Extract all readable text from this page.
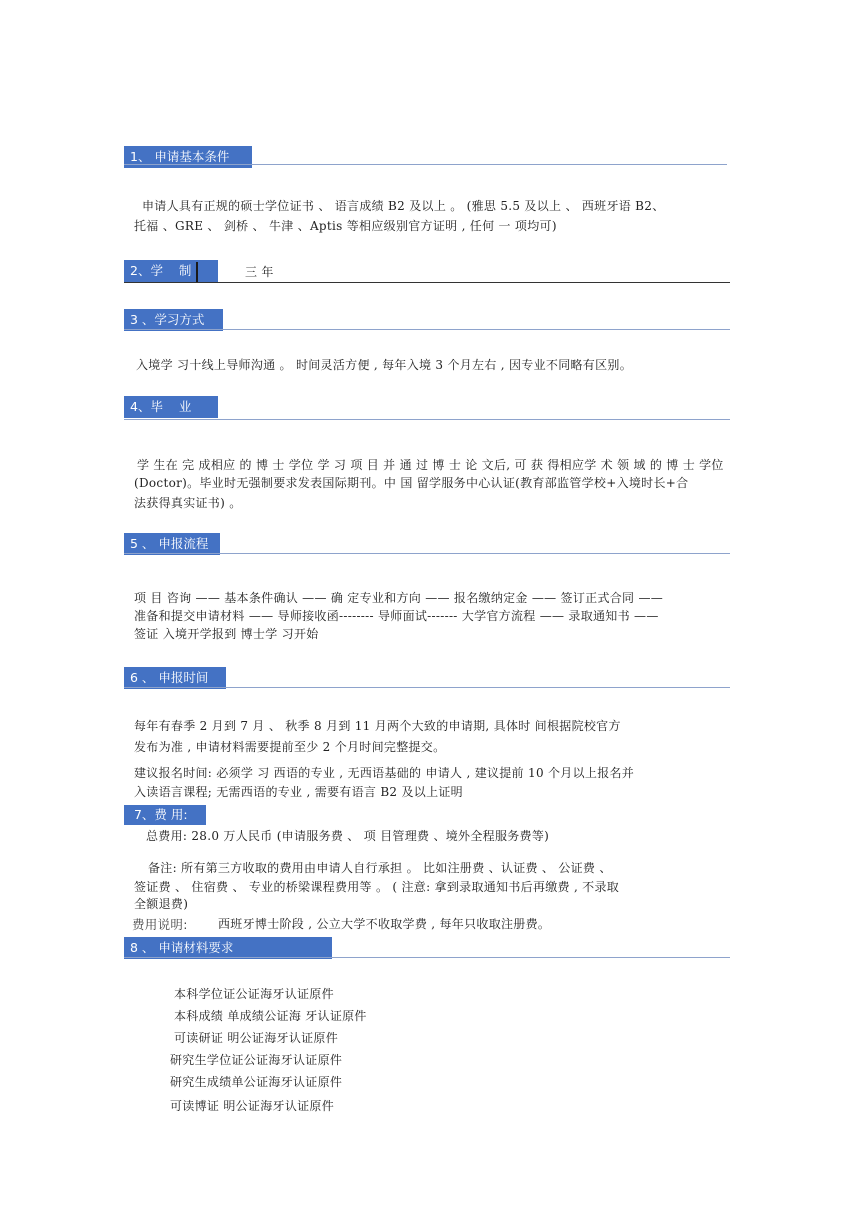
1、 申请基本条件
申请人具有正规的硕士学位证书 、 语言成绩 B2 及以上 。 (雅思 5.5 及以上 、 西班牙语 B2、
托福 、GRE 、 剑桥 、 牛津 、Aptis 等相应级别官方证明 , 任何 一 项均可)
2、学    制	三 年
3 、学习方式
入境学 习十线上导师沟通 。 时间灵活方便 , 每年入境 3 个月左右 , 因专业不同略有区别。
4、毕    业
学 生在 完 成相应 的 博 士 学位 学 习 项 目 并 通 过 博 士 论 文后, 可 获 得相应学 术 领 域 的 博 士 学位
(Doctor)。毕业时无强制要求发表国际期刊。中 国 留学服务中心认证(教育部监管学校+入境时长+合
法获得真实证书) 。
5 、 申报流程
项 目 咨询 —— 基本条件确认 —— 确 定专业和方向 —— 报名缴纳定金 —— 签订正式合同 ——
准备和提交申请材料 —— 导师接收函-------- 导师面试------- 大学官方流程 —— 录取通知书 ——
签证 入境开学报到 博士学 习开始
6 、 申报时间
每年有春季 2 月到 7 月 、 秋季 8 月到 11 月两个大致的申请期, 具体时 间根据院校官方
发布为准 , 申请材料需要提前至少 2 个月时间完整提交。
建议报名时间: 必须学 习 西语的专业 , 无西语基础的 申请人 , 建议提前 10 个月以上报名并
入读语言课程; 无需西语的专业 , 需要有语言 B2 及以上证明
7、费 用:
总费用: 28.0 万人民币 (申请服务费 、 项 目管理费 、境外全程服务费等)
备注: 所有第三方收取的费用由申请人自行承担 。 比如注册费 、认证费 、 公证费 、
签证费 、 住宿费 、 专业的桥梁课程费用等 。 ( 注意: 拿到录取通知书后再缴费 , 不录取
全额退费)
费用说明:	西班牙博士阶段 , 公立大学不收取学费 , 每年只收取注册费。
8 、 申请材料要求
本科学位证公证海牙认证原件
本科成绩 单成绩公证海 牙认证原件
可读研证 明公证海牙认证原件
研究生学位证公证海牙认证原件
研究生成绩单公证海牙认证原件
可读博证 明公证海牙认证原件
